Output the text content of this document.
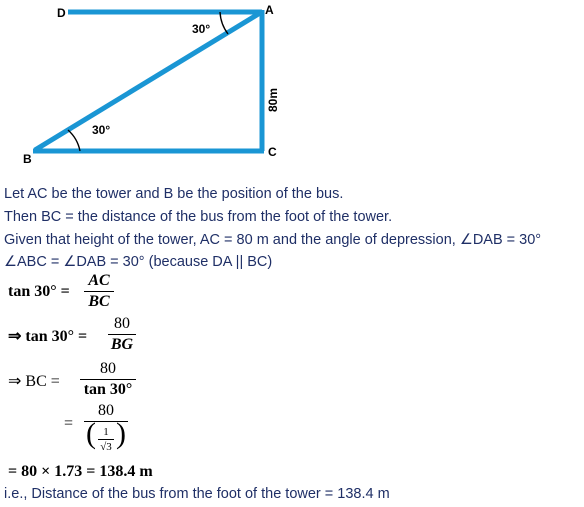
D	A
B	C
30°
30°
80m
Let AC be the tower and B be the position of the bus.
Then BC = the distance of the bus from the foot of the tower.
Given that height of the tower, AC = 80 m and the angle of depression, ∠DAB = 30°
∠ABC = ∠DAB = 30° (because DA || BC)
tan 30° =
AC
BC
⇒ tan 30° =
80
BG
⇒ BC =
80
tan 30°
=
80
( 1
√3 )
= 80 × 1.73 = 138.4 m
i.e., Distance of the bus from the foot of the tower = 138.4 m
